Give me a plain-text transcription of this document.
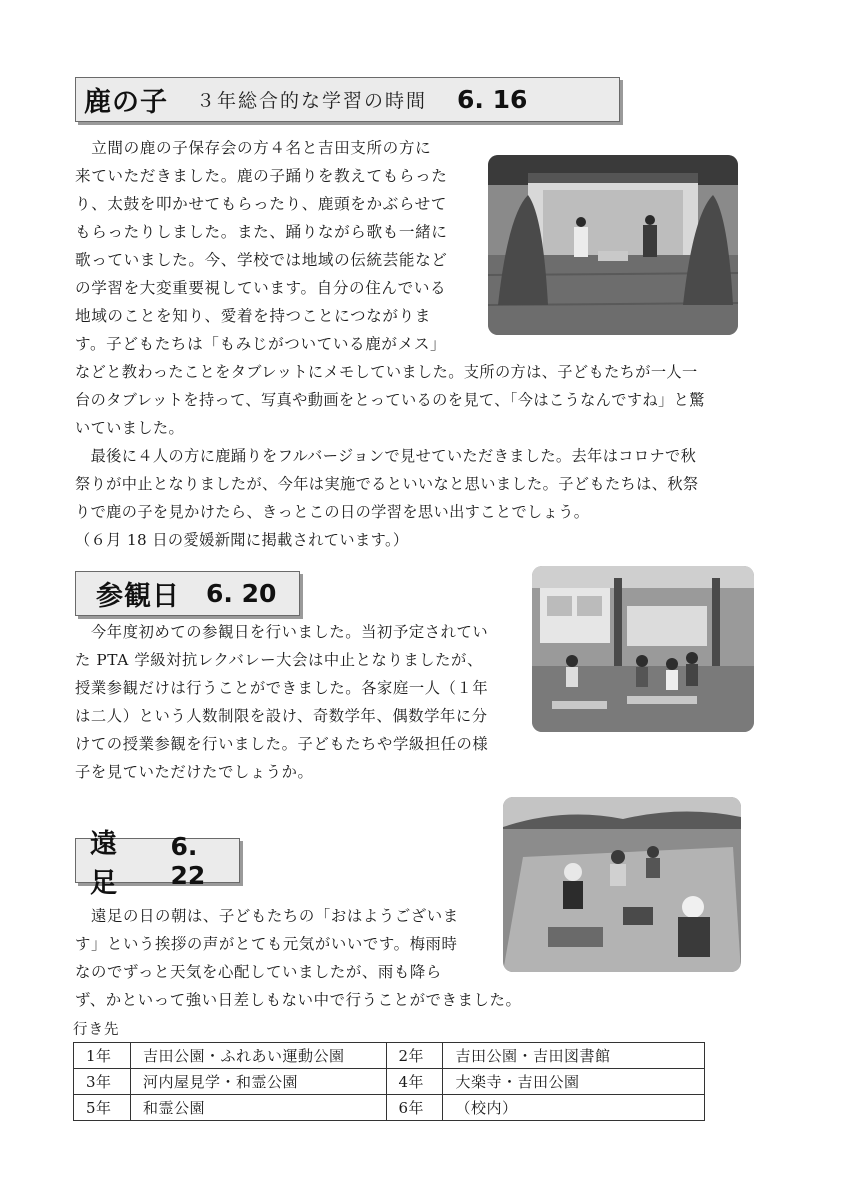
鹿の子 ３年総合的な学習の時間 6. 16
　立間の鹿の子保存会の方４名と吉田支所の方に
来ていただきました。鹿の子踊りを教えてもらった
り、太鼓を叩かせてもらったり、鹿頭をかぶらせて
もらったりしました。また、踊りながら歌も一緒に
歌っていました。今、学校では地域の伝統芸能など
の学習を大変重要視しています。自分の住んでいる
地域のことを知り、愛着を持つことにつながりま
す。子どもたちは「もみじがついている鹿がメス」
などと教わったことをタブレットにメモしていました。支所の方は、子どもたちが一人一
台のタブレットを持って、写真や動画をとっているのを見て、「今はこうなんですね」と驚
いていました。
　最後に４人の方に鹿踊りをフルバージョンで見せていただきました。去年はコロナで秋
祭りが中止となりましたが、今年は実施でるといいなと思いました。子どもたちは、秋祭
りで鹿の子を見かけたら、きっとこの日の学習を思い出すことでしょう。
（６月 18 日の愛媛新聞に掲載されています。）
参観日 6. 20
　今年度初めての参観日を行いました。当初予定されてい
た PTA 学級対抗レクバレー大会は中止となりましたが、
授業参観だけは行うことができました。各家庭一人（１年
は二人）という人数制限を設け、奇数学年、偶数学年に分
けての授業参観を行いました。子どもたちや学級担任の様
子を見ていただけたでしょうか。
遠足
6. 22
　遠足の日の朝は、子どもたちの「おはようございま
す」という挨拶の声がとても元気がいいです。梅雨時
なのでずっと天気を心配していましたが、雨も降ら
ず、かといって強い日差しもない中で行うことができました。
行き先
1年	吉田公園・ふれあい運動公園	2年	吉田公園・吉田図書館
3年	河内屋見学・和霊公園	4年	大楽寺・吉田公園
5年	和霊公園	6年	（校内）
